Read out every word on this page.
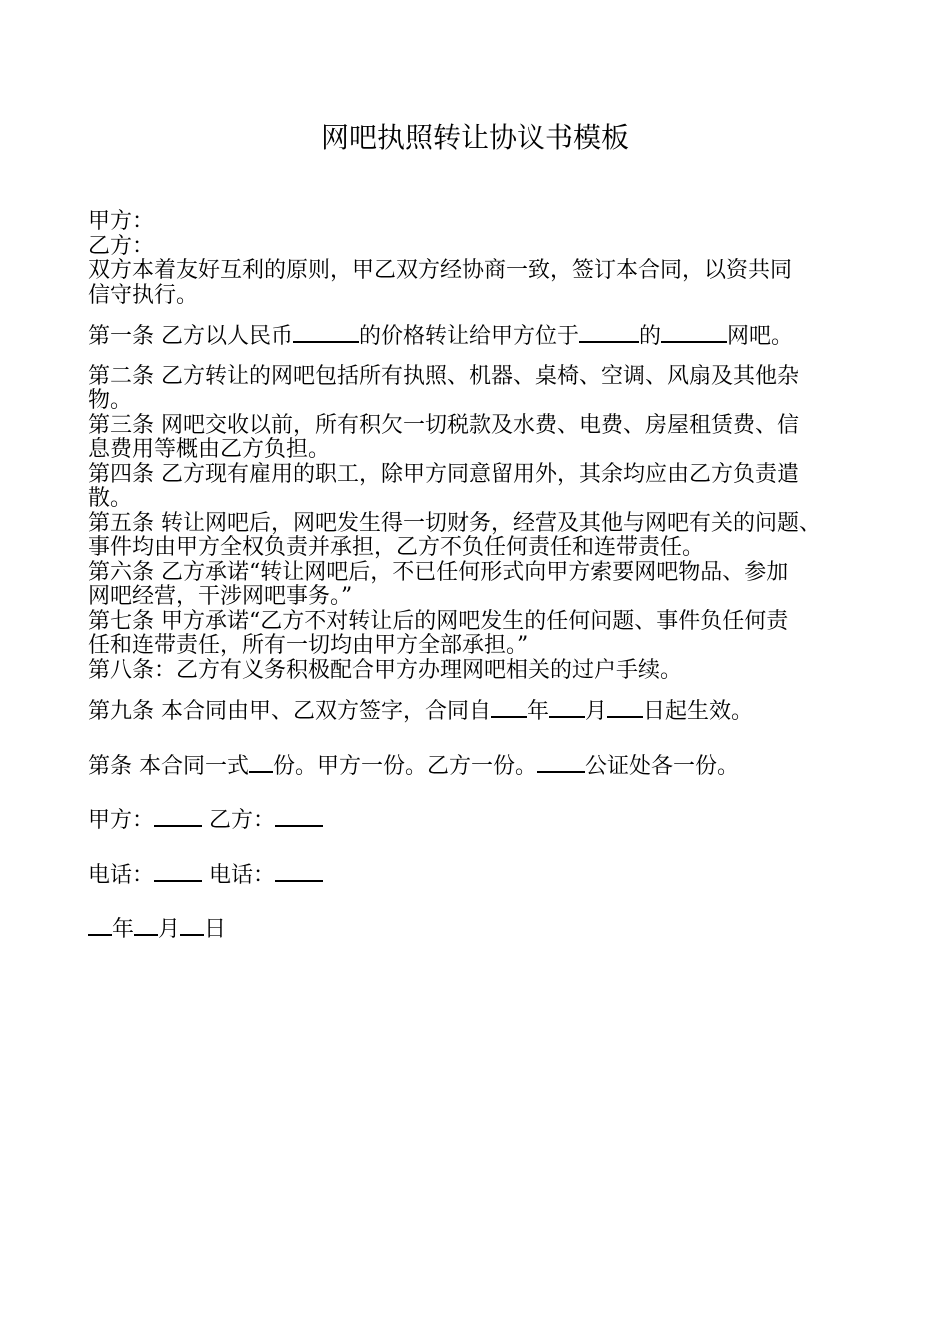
网吧执照转让协议书模板

甲方：

乙方：

双方本着友好互利的原则，甲乙双方经协商一致，签订本合同，以资共同

信守执行。

第一条 乙方以人民币	的价格转让给甲方位于	的	网吧。

第二条 乙方转让的网吧包括所有执照、机器、桌椅、空调、风扇及其他杂

物。

第三条 网吧交收以前，所有积欠一切税款及水费、电费、房屋租赁费、信

息费用等概由乙方负担。

第四条 乙方现有雇用的职工，除甲方同意留用外，其余均应由乙方负责遣

散。

第五条 转让网吧后，网吧发生得一切财务，经营及其他与网吧有关的问题、

事件均由甲方全权负责并承担，乙方不负任何责任和连带责任。

第六条 乙方承诺“转让网吧后，不已任何形式向甲方索要网吧物品、参加

网吧经营，干涉网吧事务。”

第七条 甲方承诺“乙方不对转让后的网吧发生的任何问题、事件负任何责

任和连带责任，所有一切均由甲方全部承担。”

第八条：乙方有义务积极配合甲方办理网吧相关的过户手续。

第九条 本合同由甲、乙双方签字，合同自 年 月 日起生效。

第条 本合同一式 份。甲方一份。乙方一份。 公证处各一份。

甲方： 乙方：

电话： 电话：

年 月 日
